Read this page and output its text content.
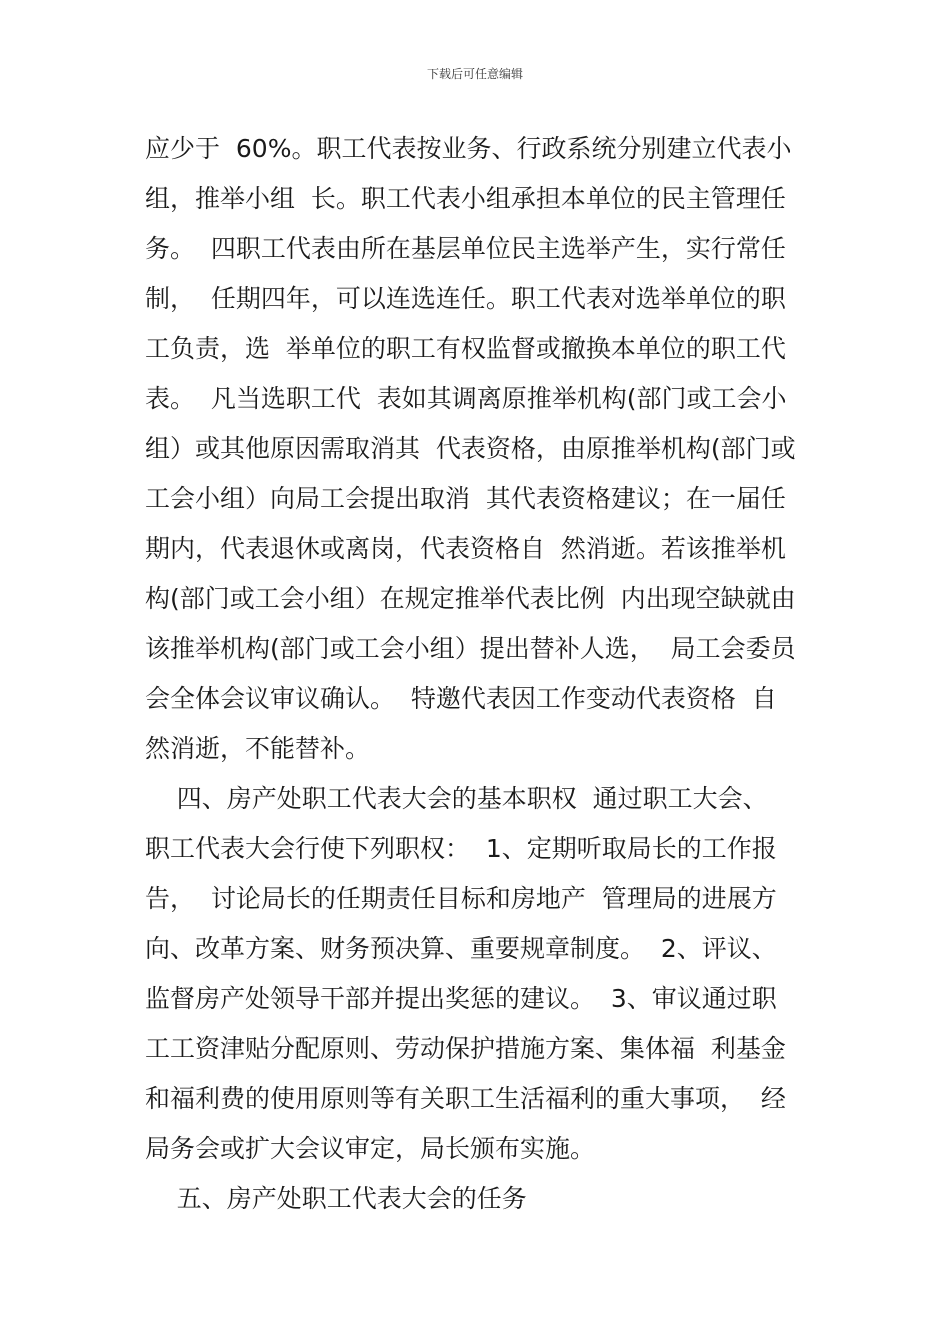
下载后可任意编辑
应少于  60%。职工代表按业务、行政系统分别建立代表小
组，推举小组  长。职工代表小组承担本单位的民主管理任
务。  四职工代表由所在基层单位民主选举产生，实行常任
制，  任期四年，可以连选连任。职工代表对选举单位的职
工负责，选  举单位的职工有权监督或撤换本单位的职工代
表。  凡当选职工代  表如其调离原推举机构(部门或工会小
组）或其他原因需取消其  代表资格，由原推举机构(部门或
工会小组）向局工会提出取消  其代表资格建议；在一届任
期内，代表退休或离岗，代表资格自  然消逝。若该推举机
构(部门或工会小组）在规定推举代表比例  内出现空缺就由
该推举机构(部门或工会小组）提出替补人选，  局工会委员
会全体会议审议确认。  特邀代表因工作变动代表资格  自
然消逝，不能替补。
四、房产处职工代表大会的基本职权  通过职工大会、
职工代表大会行使下列职权：  1、定期听取局长的工作报
告，  讨论局长的任期责任目标和房地产  管理局的进展方
向、改革方案、财务预决算、重要规章制度。  2、评议、
监督房产处领导干部并提出奖惩的建议。  3、审议通过职
工工资津贴分配原则、劳动保护措施方案、集体福  利基金
和福利费的使用原则等有关职工生活福利的重大事项，  经
局务会或扩大会议审定，局长颁布实施。
五、房产处职工代表大会的任务
